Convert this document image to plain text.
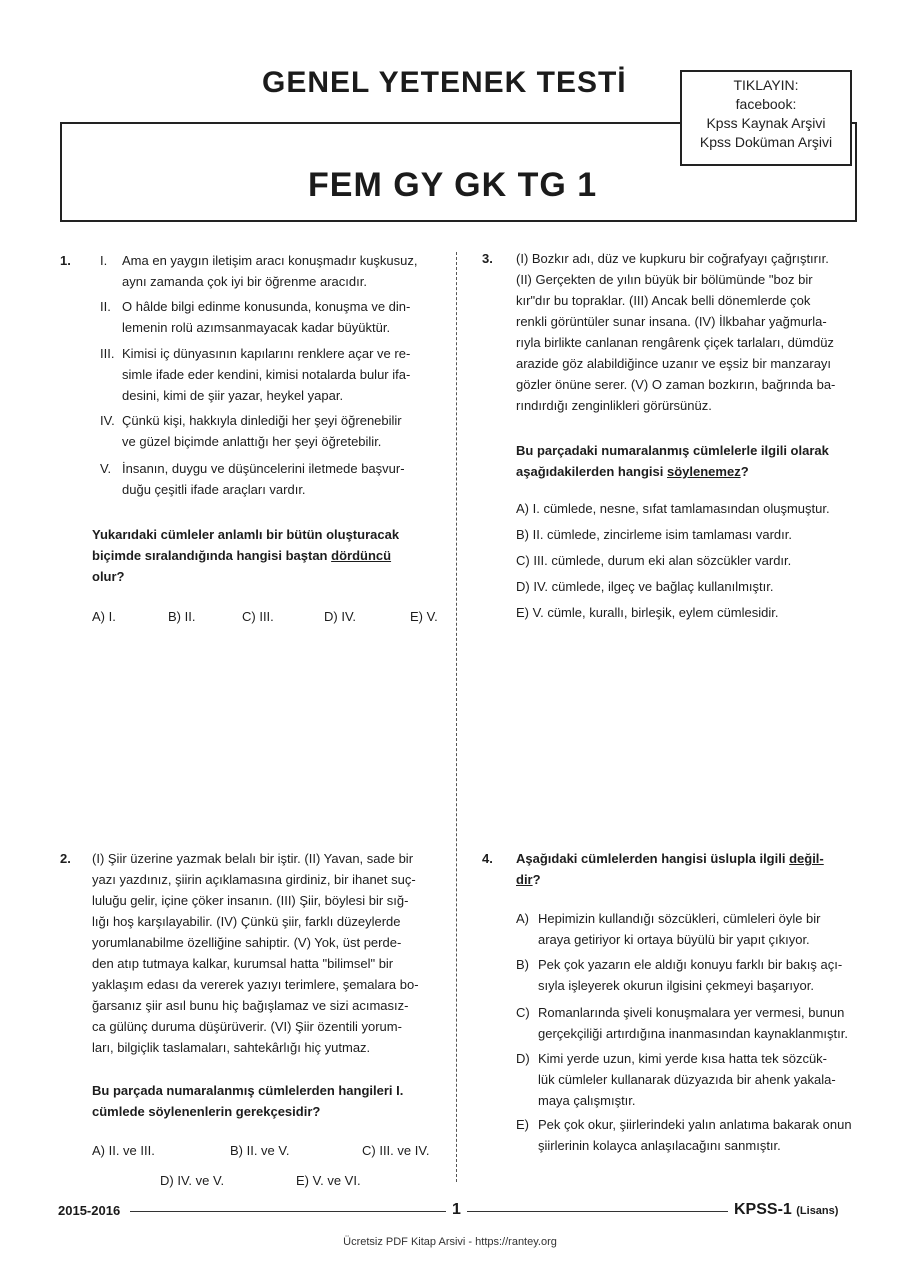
GENEL YETENEK TESTİ
FEM GY GK TG 1
TIKLAYIN:
facebook:
Kpss Kaynak Arşivi
Kpss Doküman Arşivi
1. I. Ama en yaygın iletişim aracı konuşmadır kuşkusuz,
aynı zamanda çok iyi bir öğrenme aracıdır.
II. O hâlde bilgi edinme konusunda, konuşma ve din-
lemenin rolü azımsanmayacak kadar büyüktür.
III. Kimisi iç dünyasının kapılarını renklere açar ve re-
simle ifade eder kendini, kimisi notalarda bulur ifa-
desini, kimi de şiir yazar, heykel yapar.
IV. Çünkü kişi, hakkıyla dinlediği her şeyi öğrenebilir
ve güzel biçimde anlattığı her şeyi öğretebilir.
V. İnsanın, duygu ve düşüncelerini iletmede başvur-
duğu çeşitli ifade araçları vardır.
Yukarıdaki cümleler anlamlı bir bütün oluşturacak
biçimde sıralandığında hangisi baştan dördüncü
olur?
A) I.	B) II.	C) III.	D) IV.	E) V.
2. (I) Şiir üzerine yazmak belalı bir iştir. (II) Yavan, sade bir
yazı yazdınız, şiirin açıklamasına girdiniz, bir ihanet suç-
luluğu gelir, içine çöker insanın. (III) Şiir, böylesi bir sığ-
lığı hoş karşılayabilir. (IV) Çünkü şiir, farklı düzeylerde
yorumlanabilme özelliğine sahiptir. (V) Yok, üst perde-
den atıp tutmaya kalkar, kurumsal hatta "bilimsel" bir
yaklaşım edası da vererek yazıyı terimlere, şemalara bo-
ğarsanız şiir asıl bunu hiç bağışlamaz ve sizi acımasız-
ca gülünç duruma düşürüverir. (VI) Şiir özentili yorum-
ları, bilgiçlik taslamaları, sahtekârlığı hiç yutmaz.
Bu parçada numaralanmış cümlelerden hangileri I.
cümlede söylenenlerin gerekçesidir?
A) II. ve III.	B) II. ve V.	C) III. ve IV.
D) IV. ve V.	E) V. ve VI.
3. (I) Bozkır adı, düz ve kupkuru bir coğrafyayı çağrıştırır.
(II) Gerçekten de yılın büyük bir bölümünde "boz bir
kır"dır bu topraklar. (III) Ancak belli dönemlerde çok
renkli görüntüler sunar insana. (IV) İlkbahar yağmurla-
rıyla birlikte canlanan rengârenk çiçek tarlaları, dümdüz
arazide göz alabildiğince uzanır ve eşsiz bir manzarayı
gözler önüne serer. (V) O zaman bozkırın, bağrında ba-
rındırdığı zenginlikleri görürsünüz.
Bu parçadaki numaralanmış cümlelerle ilgili olarak
aşağıdakilerden hangisi söylenemez?
A) I. cümlede, nesne, sıfat tamlamasından oluşmuştur.
B) II. cümlede, zincirleme isim tamlaması vardır.
C) III. cümlede, durum eki alan sözcükler vardır.
D) IV. cümlede, ilgeç ve bağlaç kullanılmıştır.
E) V. cümle, kurallı, birleşik, eylem cümlesidir.
4. Aşağıdaki cümlelerden hangisi üslupla ilgili değil-
dir?
A) Hepimizin kullandığı sözcükleri, cümleleri öyle bir
araya getiriyor ki ortaya büyülü bir yapıt çıkıyor.
B) Pek çok yazarın ele aldığı konuyu farklı bir bakış açı-
sıyla işleyerek okurun ilgisini çekmeyi başarıyor.
C) Romanlarında şiveli konuşmalara yer vermesi, bunun
gerçekçiliği artırdığına inanmasından kaynaklanmıştır.
D) Kimi yerde uzun, kimi yerde kısa hatta tek sözcük-
lük cümleler kullanarak düzyazıda bir ahenk yakala-
maya çalışmıştır.
E) Pek çok okur, şiirlerindeki yalın anlatıma bakarak onun
şiirlerinin kolayca anlaşılacağını sanmıştır.
2015-2016	1	KPSS-1 (Lisans)
Ücretsiz PDF Kitap Arsivi - https://rantey.org
